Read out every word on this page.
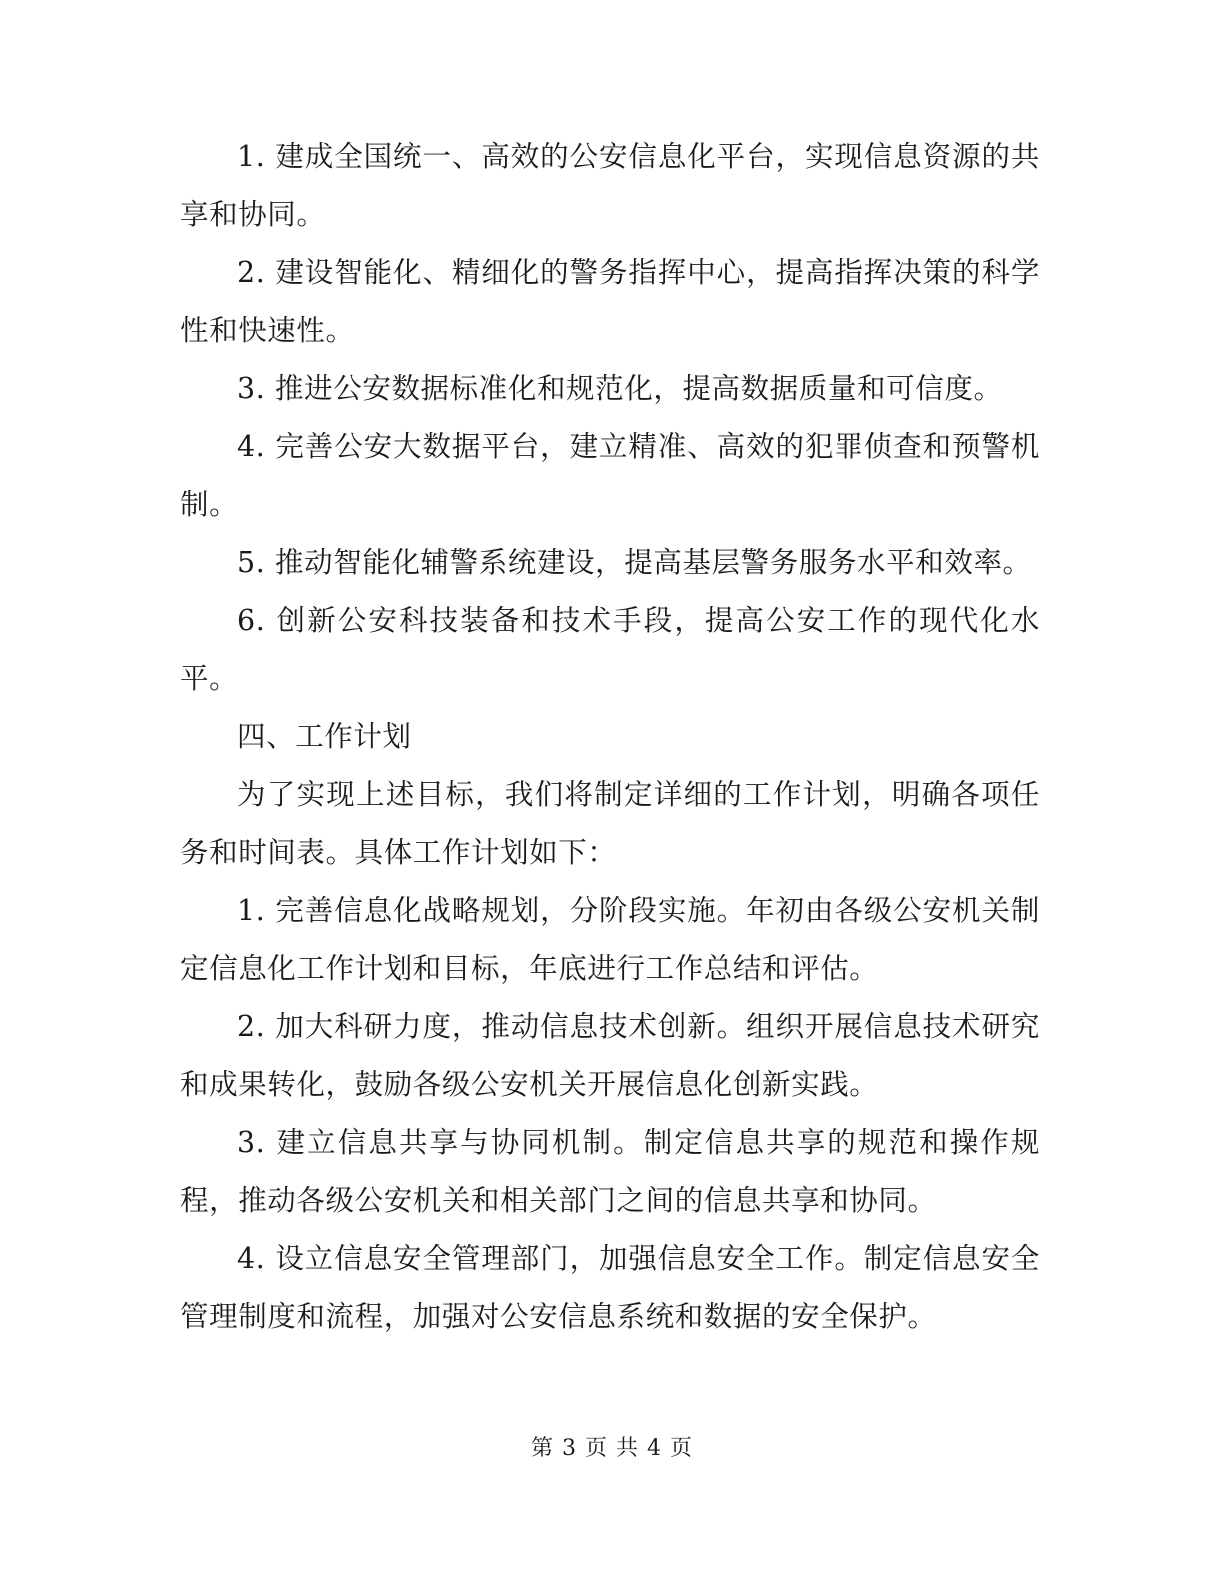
1. 建成全国统一、高效的公安信息化平台，实现信息资源的共享和协同。

2. 建设智能化、精细化的警务指挥中心，提高指挥决策的科学性和快速性。

3. 推进公安数据标准化和规范化，提高数据质量和可信度。

4. 完善公安大数据平台，建立精准、高效的犯罪侦查和预警机制。

5. 推动智能化辅警系统建设，提高基层警务服务水平和效率。

6. 创新公安科技装备和技术手段，提高公安工作的现代化水平。

四、工作计划

为了实现上述目标，我们将制定详细的工作计划，明确各项任务和时间表。具体工作计划如下：

1. 完善信息化战略规划，分阶段实施。年初由各级公安机关制定信息化工作计划和目标，年底进行工作总结和评估。

2. 加大科研力度，推动信息技术创新。组织开展信息技术研究和成果转化，鼓励各级公安机关开展信息化创新实践。

3. 建立信息共享与协同机制。制定信息共享的规范和操作规程，推动各级公安机关和相关部门之间的信息共享和协同。

4. 设立信息安全管理部门，加强信息安全工作。制定信息安全管理制度和流程，加强对公安信息系统和数据的安全保护。

第 3 页 共 4 页
